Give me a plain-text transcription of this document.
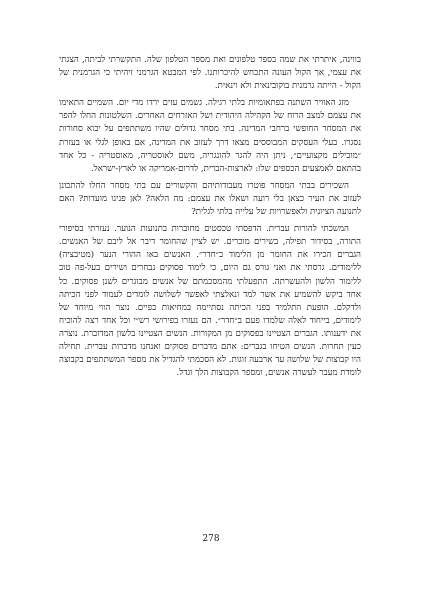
בווינה, איתרתי את שמה בספר טלפונים ואת מספר הטלפון שלה. התקשרתי לביתה, הצגתי את עצמי, אך הקול העונה התכחש להיכרותנו. לפי המבטא הגרמני זיהיתי כי הגרמנית של הקול - הייתה גרמנית בוקובינאית ולא וינאית.

מזג האוויר השתנה בפתאומיות בלתי רגילה. גשמים עזים ירדו מדי יום. השמיים התאימו את עצמם למצב הרוח של הקהילה היהודית ושל האזרחים האחרים. השלטונות החלו להפר את המסחר החופשי ברחבי המדינה. בתי מסחר גדולים שהיו משתתפים על יבוא סחורות נסגרו. בעלי העסקים המבוססים מצאו דרך לעזוב את המדינה, אם באופן לגלי או בעזרת ״מובילים מקצועיים״, ניתן היה להגר להונגריה, משם לאוסטריה, מאוסטריה - כל אחד בהתאם לאמצעים הכספים שלו: לארצות-הברית, לדרום-אמריקה או לארץ-ישראל.

השכירים בבתי המסחר פוטרו מעבודותיהם והקשורים עם בתי מסחר החלו להתכונן לעזוב את העיר כצאן בלי רועה ושאלו את עצמם: מה הלאה? לאן פנינו מועדות? האם לתנועה הציונית ולאפשרויות של עלייה בלתי לגלית?

המשכתי להורות עברית. הדפסתי טכסטים מחוברות בתנועות הנוער. נעזרתי בסיפורי התורה, בסידור תפילה, בשירים מוכרים. יש לציין שהחומר דיבר אל ליבם של האנשים. הגברים הכירו את החומר מן הלימוד ב״חדר״. האנשים באו ההורי הנער (מטיבציה) ללימודים. גרסתי את ואני גורס גם היום, כי לימוד פסוקים נבחרים ושירים בעל-פה טוב ללימוד הלשון ולהעשרתה. התפעלתי מהמסכמתם של אנשים מבוגרים לשנן פסוקים. כל אחד ביקש להשמיע את אשר למד ונאלצתי לאפשר לשלושה לומדים לעמוד לפני הכיתה ולדקלם. הופעת התלמיד בפני הכיתה נסתיימה במחיאות כפיים. נוצר הווי מיוחד של לימודים, בייחוד לאלה שלמדו פעם ב״חדר״. הם נעזרו בפירושי רש״י וכל אחד רצה להוכיח את ידענותו. הגברים הצטיינו בפסוקים מן המקורות. הנשים הצטיינו בלשון המדוברת. נוצרה כעין תחרות. הנשים הטיחו בגברים: אתם מדברים פסוקים ואנחנו מדברות עברית. תחילה היו קבוצות של שלושה עד ארבעה זוגות. לא הסכמתי להגדיל את מספר המשתתפים בקבוצה לומדת מעבר לעשרה אנשים, ומספר הקבוצות הלך וגדל.

278
